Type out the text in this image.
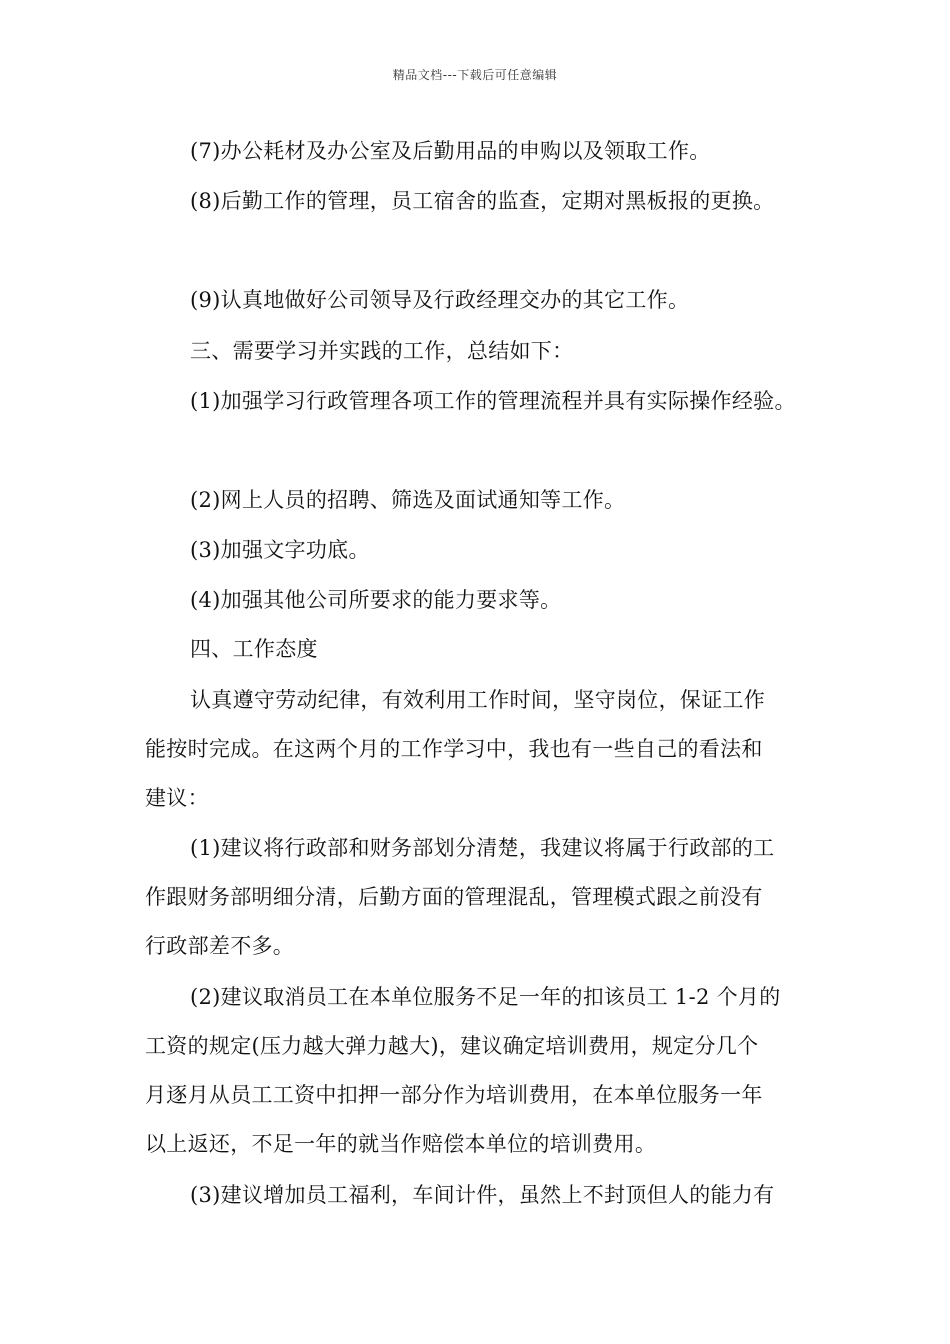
精品文档---下载后可任意编辑
(7)办公耗材及办公室及后勤用品的申购以及领取工作。
(8)后勤工作的管理，员工宿舍的监查，定期对黑板报的更换。
(9)认真地做好公司领导及行政经理交办的其它工作。
三、需要学习并实践的工作，总结如下：
(1)加强学习行政管理各项工作的管理流程并具有实际操作经验。
(2)网上人员的招聘、筛选及面试通知等工作。
(3)加强文字功底。
(4)加强其他公司所要求的能力要求等。
四、工作态度
认真遵守劳动纪律，有效利用工作时间，坚守岗位，保证工作
能按时完成。在这两个月的工作学习中，我也有一些自己的看法和
建议：
(1)建议将行政部和财务部划分清楚，我建议将属于行政部的工
作跟财务部明细分清，后勤方面的管理混乱，管理模式跟之前没有
行政部差不多。
(2)建议取消员工在本单位服务不足一年的扣该员工 1-2 个月的
工资的规定(压力越大弹力越大)，建议确定培训费用，规定分几个
月逐月从员工工资中扣押一部分作为培训费用，在本单位服务一年
以上返还，不足一年的就当作赔偿本单位的培训费用。
(3)建议增加员工福利，车间计件，虽然上不封顶但人的能力有
